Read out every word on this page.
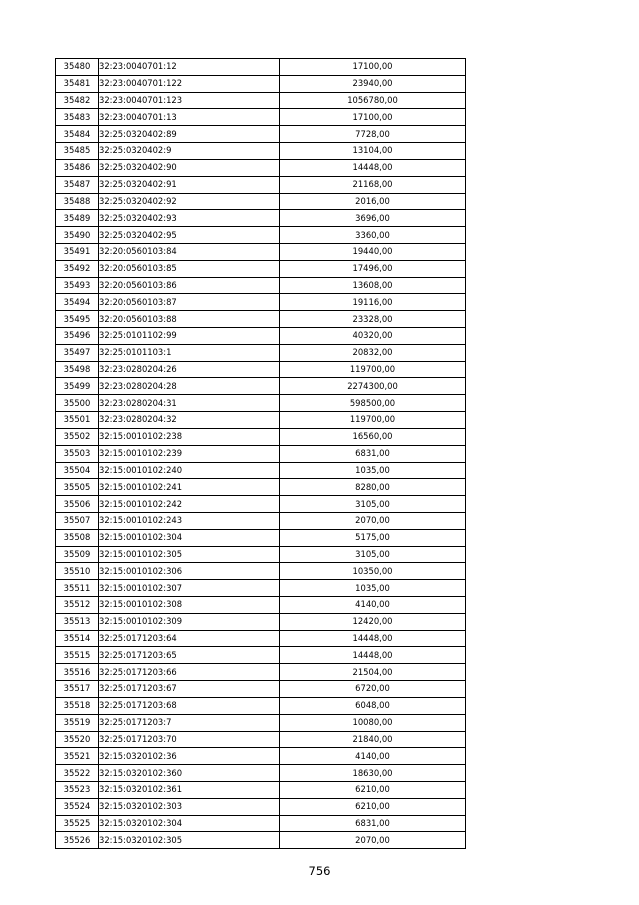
35480	32:23:0040701:12	17100,00
35481	32:23:0040701:122	23940,00
35482	32:23:0040701:123	1056780,00
35483	32:23:0040701:13	17100,00
35484	32:25:0320402:89	7728,00
35485	32:25:0320402:9	13104,00
35486	32:25:0320402:90	14448,00
35487	32:25:0320402:91	21168,00
35488	32:25:0320402:92	2016,00
35489	32:25:0320402:93	3696,00
35490	32:25:0320402:95	3360,00
35491	32:20:0560103:84	19440,00
35492	32:20:0560103:85	17496,00
35493	32:20:0560103:86	13608,00
35494	32:20:0560103:87	19116,00
35495	32:20:0560103:88	23328,00
35496	32:25:0101102:99	40320,00
35497	32:25:0101103:1	20832,00
35498	32:23:0280204:26	119700,00
35499	32:23:0280204:28	2274300,00
35500	32:23:0280204:31	598500,00
35501	32:23:0280204:32	119700,00
35502	32:15:0010102:238	16560,00
35503	32:15:0010102:239	6831,00
35504	32:15:0010102:240	1035,00
35505	32:15:0010102:241	8280,00
35506	32:15:0010102:242	3105,00
35507	32:15:0010102:243	2070,00
35508	32:15:0010102:304	5175,00
35509	32:15:0010102:305	3105,00
35510	32:15:0010102:306	10350,00
35511	32:15:0010102:307	1035,00
35512	32:15:0010102:308	4140,00
35513	32:15:0010102:309	12420,00
35514	32:25:0171203:64	14448,00
35515	32:25:0171203:65	14448,00
35516	32:25:0171203:66	21504,00
35517	32:25:0171203:67	6720,00
35518	32:25:0171203:68	6048,00
35519	32:25:0171203:7	10080,00
35520	32:25:0171203:70	21840,00
35521	32:15:0320102:36	4140,00
35522	32:15:0320102:360	18630,00
35523	32:15:0320102:361	6210,00
35524	32:15:0320102:303	6210,00
35525	32:15:0320102:304	6831,00
35526	32:15:0320102:305	2070,00
756
